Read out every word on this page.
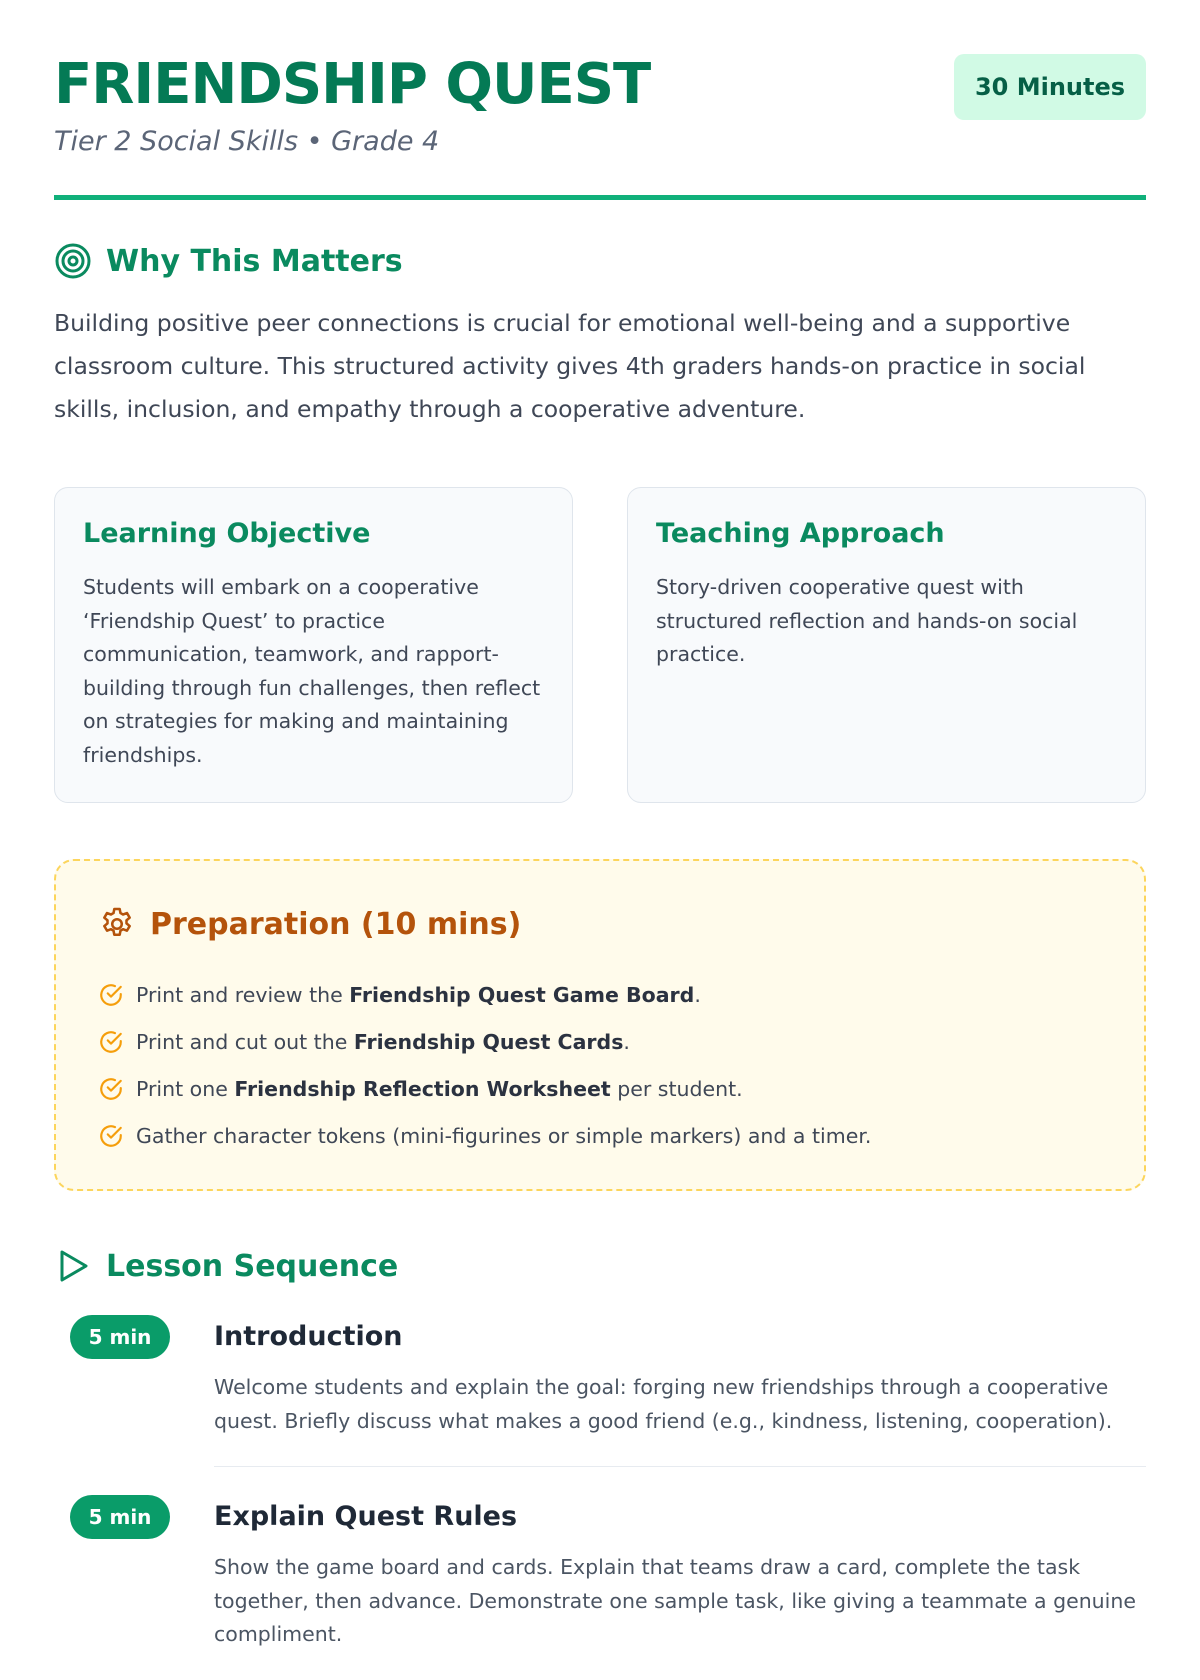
FRIENDSHIP QUEST
Tier 2 Social Skills • Grade 4
30 Minutes
Why This Matters

Building positive peer connections is crucial for emotional well-being and a supportive classroom culture. This structured activity gives 4th graders hands-on practice in social skills, inclusion, and empathy through a cooperative adventure.

Learning Objective

Students will embark on a cooperative ‘Friendship Quest’ to practice communication, teamwork, and rapport-building through fun challenges, then reflect on strategies for making and maintaining friendships.

Teaching Approach

Story-driven cooperative quest with structured reflection and hands-on social practice.

Preparation (10 mins)
Print and review the Friendship Quest Game Board.
Print and cut out the Friendship Quest Cards.
Print one Friendship Reflection Worksheet per student.
Gather character tokens (mini-figurines or simple markers) and a timer.
Lesson Sequence
5 min	Introduction

Welcome students and explain the goal: forging new friendships through a cooperative quest. Briefly discuss what makes a good friend (e.g., kindness, listening, cooperation).

5 min	Explain Quest Rules

Show the game board and cards. Explain that teams draw a card, complete the task together, then advance. Demonstrate one sample task, like giving a teammate a genuine compliment.
